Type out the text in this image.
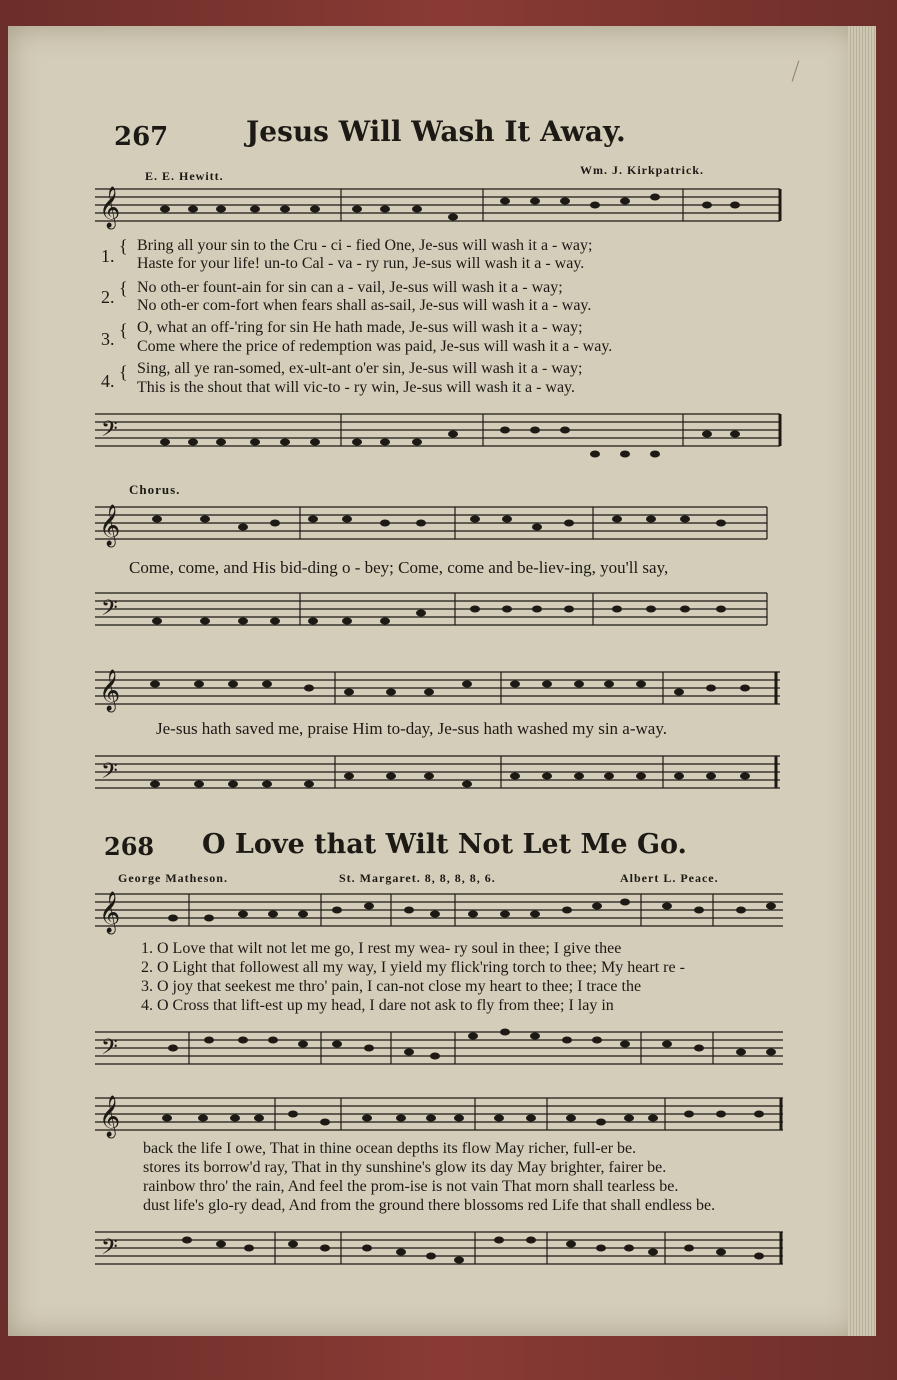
267	Jesus Will Wash It Away.
E. E. Hewitt.	Wm. J. Kirkpatrick.
𝄞
1. { Bring all your sin to the Cru - ci - fied One, Je-sus will wash it a - way;
Haste for your life! un-to Cal - va - ry run, Je-sus will wash it a - way.
2. { No oth-er fount-ain for sin can a - vail, Je-sus will wash it a - way;
No oth-er com-fort when fears shall as-sail, Je-sus will wash it a - way.
3. { O, what an off-'ring for sin He hath made, Je-sus will wash it a - way;
Come where the price of redemption was paid, Je-sus will wash it a - way.
4. { Sing, all ye ran-somed, ex-ult-ant o'er sin, Je-sus will wash it a - way;
This is the shout that will vic-to - ry win, Je-sus will wash it a - way.
𝄢
Chorus.
𝄞
Come, come, and His bid-ding o - bey; Come, come and be-liev-ing, you'll say,
𝄢
𝄞
Je-sus hath saved me, praise Him to-day, Je-sus hath washed my sin a-way.
𝄢
268 O Love that Wilt Not Let Me Go.
George Matheson.	St. Margaret. 8, 8, 8, 8, 6.	Albert L. Peace.
𝄞
1. O Love that wilt not let me go, I rest my wea- ry soul in thee; I give thee
2. O Light that followest all my way, I yield my flick'ring torch to thee; My heart re -
3. O joy that seekest me thro' pain, I can-not close my heart to thee; I trace the
4. O Cross that lift-est up my head, I dare not ask to fly from thee; I lay in
𝄢
𝄞
back the life I owe, That in thine ocean depths its flow May richer, full-er be.
stores its borrow'd ray, That in thy sunshine's glow its day May brighter, fairer be.
rainbow thro' the rain, And feel the prom-ise is not vain That morn shall tearless be.
dust life's glo-ry dead, And from the ground there blossoms red Life that shall endless be.
𝄢
